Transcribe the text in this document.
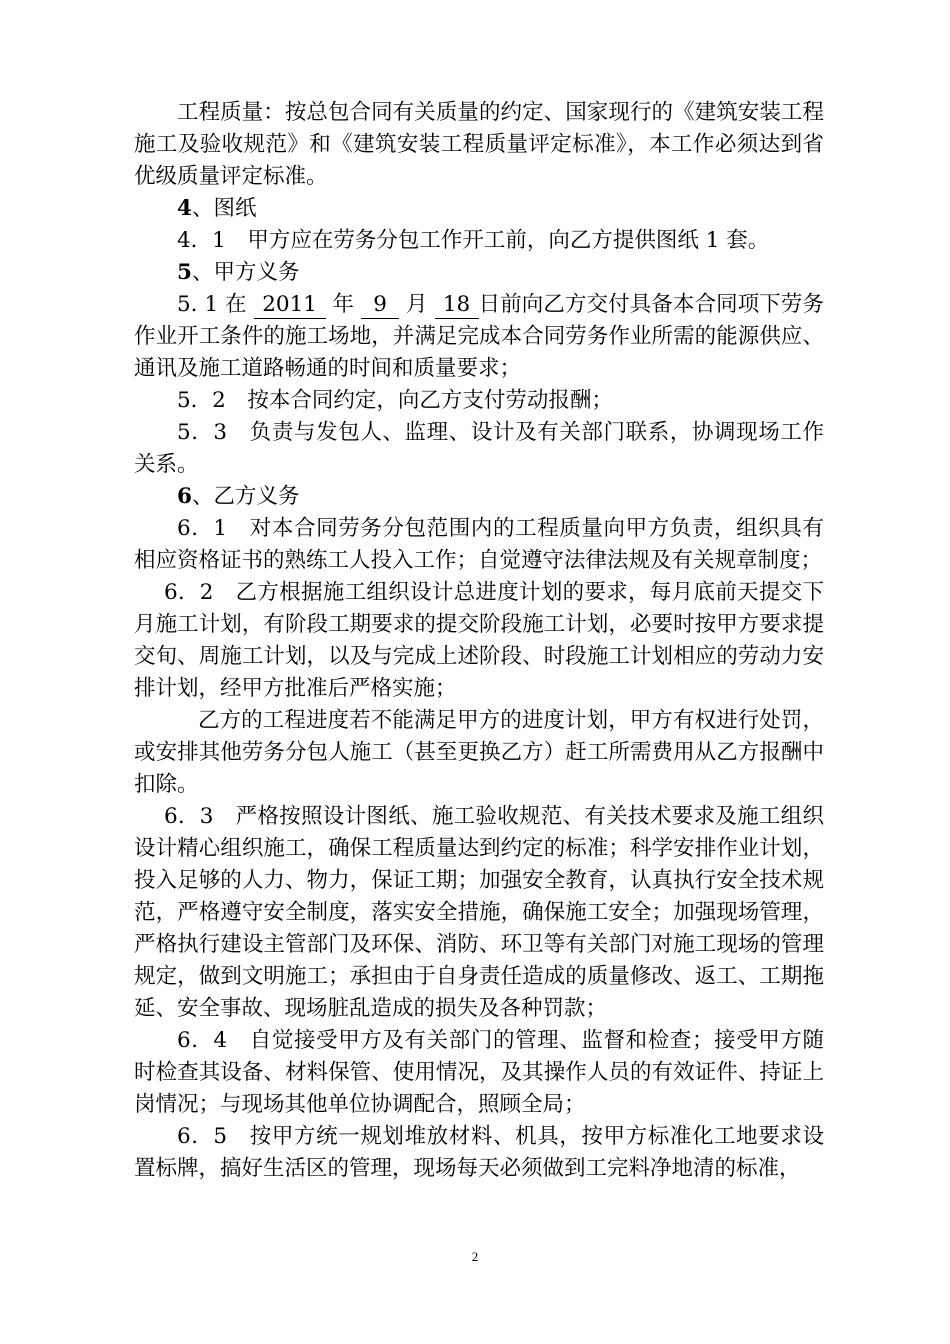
工程质量：按总包合同有关质量的约定、国家现行的《建筑安装工程施工及验收规范》和《建筑安装工程质量评定标准》，本工作必须达到省优级质量评定标准。

4、图纸

4．1　甲方应在劳务分包工作开工前，向乙方提供图纸 1 套。

5、甲方义务

5. 1 在 2011 年 9 月 18 日前向乙方交付具备本合同项下劳务作业开工条件的施工场地，并满足完成本合同劳务作业所需的能源供应、通讯及施工道路畅通的时间和质量要求；

5．2　按本合同约定，向乙方支付劳动报酬；

5．3　负责与发包人、监理、设计及有关部门联系，协调现场工作关系。

6、乙方义务

6．1　对本合同劳务分包范围内的工程质量向甲方负责，组织具有相应资格证书的熟练工人投入工作；自觉遵守法律法规及有关规章制度；

6．2　乙方根据施工组织设计总进度计划的要求，每月底前天提交下月施工计划，有阶段工期要求的提交阶段施工计划，必要时按甲方要求提交旬、周施工计划，以及与完成上述阶段、时段施工计划相应的劳动力安排计划，经甲方批准后严格实施；

乙方的工程进度若不能满足甲方的进度计划，甲方有权进行处罚，或安排其他劳务分包人施工（甚至更换乙方）赶工所需费用从乙方报酬中扣除。

6．3　严格按照设计图纸、施工验收规范、有关技术要求及施工组织设计精心组织施工，确保工程质量达到约定的标准；科学安排作业计划，投入足够的人力、物力，保证工期；加强安全教育，认真执行安全技术规范，严格遵守安全制度，落实安全措施，确保施工安全；加强现场管理，严格执行建设主管部门及环保、消防、环卫等有关部门对施工现场的管理规定，做到文明施工；承担由于自身责任造成的质量修改、返工、工期拖延、安全事故、现场脏乱造成的损失及各种罚款；

6．4　自觉接受甲方及有关部门的管理、监督和检查；接受甲方随时检查其设备、材料保管、使用情况，及其操作人员的有效证件、持证上岗情况；与现场其他单位协调配合，照顾全局；

6．5　按甲方统一规划堆放材料、机具，按甲方标准化工地要求设置标牌，搞好生活区的管理，现场每天必须做到工完料净地清的标准，

2
